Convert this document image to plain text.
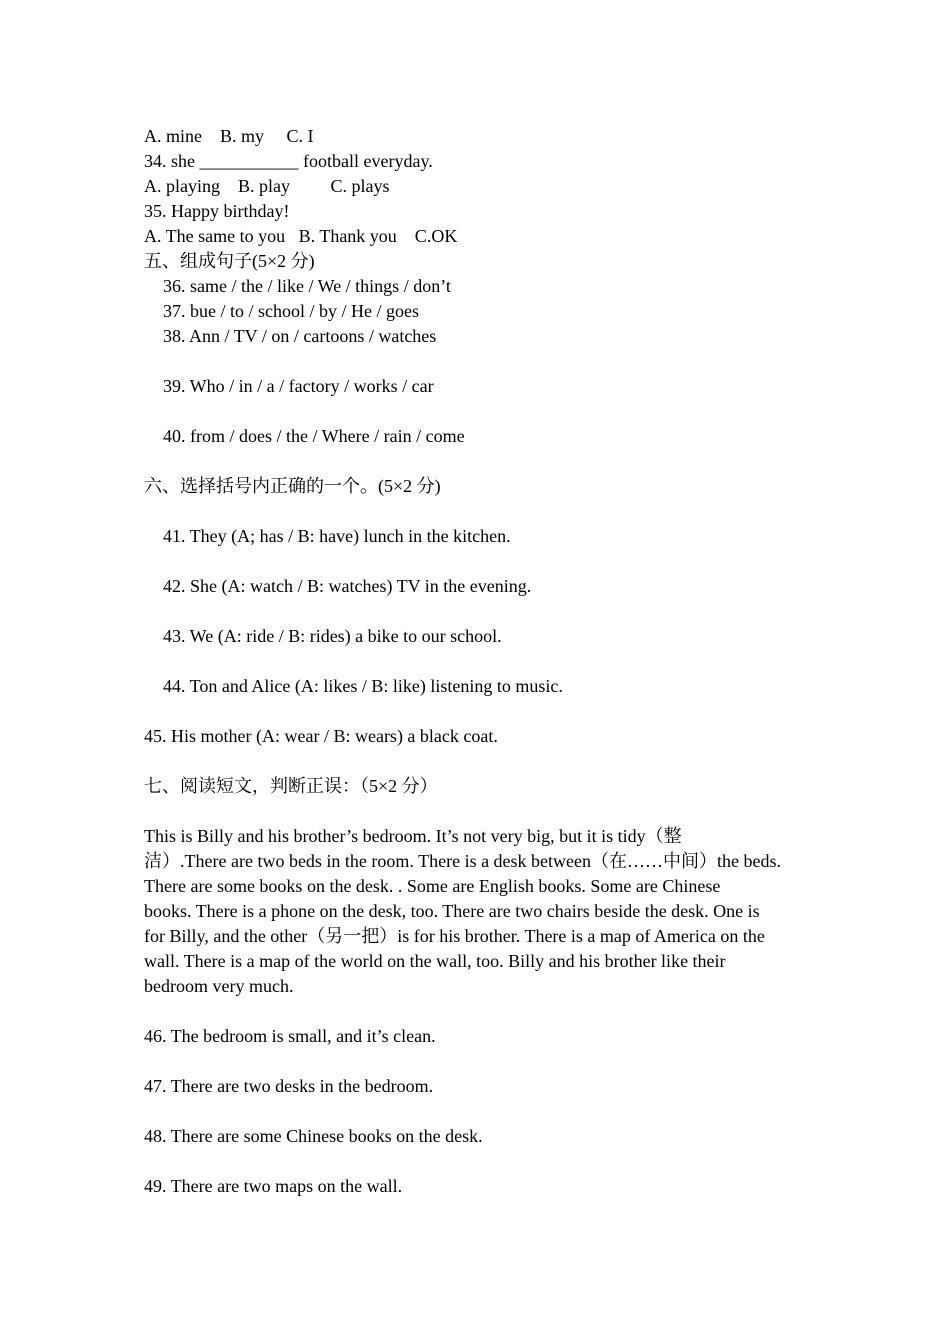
A. mine    B. my     C. I
34. she ___________ football everyday.
A. playing    B. play         C. plays
35. Happy birthday!
A. The same to you   B. Thank you    C.OK
五、组成句子(5×2 分)
36. same / the / like / We / things / don’t
37. bue / to / school / by / He / goes
38. Ann / TV / on / cartoons / watches
39. Who / in / a / factory / works / car
40. from / does / the / Where / rain / come
六、选择括号内正确的一个。(5×2 分)
41. They (A; has / B: have) lunch in the kitchen.
42. She (A: watch / B: watches) TV in the evening.
43. We (A: ride / B: rides) a bike to our school.
44. Ton and Alice (A: likes / B: like) listening to music.
45. His mother (A: wear / B: wears) a black coat.
七、阅读短文，判断正误：（5×2 分）
This is Billy and his brother’s bedroom. It’s not very big, but it is tidy（整
洁）.There are two beds in the room. There is a desk between（在……中间）the beds.
There are some books on the desk. . Some are English books. Some are Chinese
books. There is a phone on the desk, too. There are two chairs beside the desk. One is
for Billy, and the other（另一把）is for his brother. There is a map of America on the
wall. There is a map of the world on the wall, too. Billy and his brother like their
bedroom very much.
46. The bedroom is small, and it’s clean.
47. There are two desks in the bedroom.
48. There are some Chinese books on the desk.
49. There are two maps on the wall.
